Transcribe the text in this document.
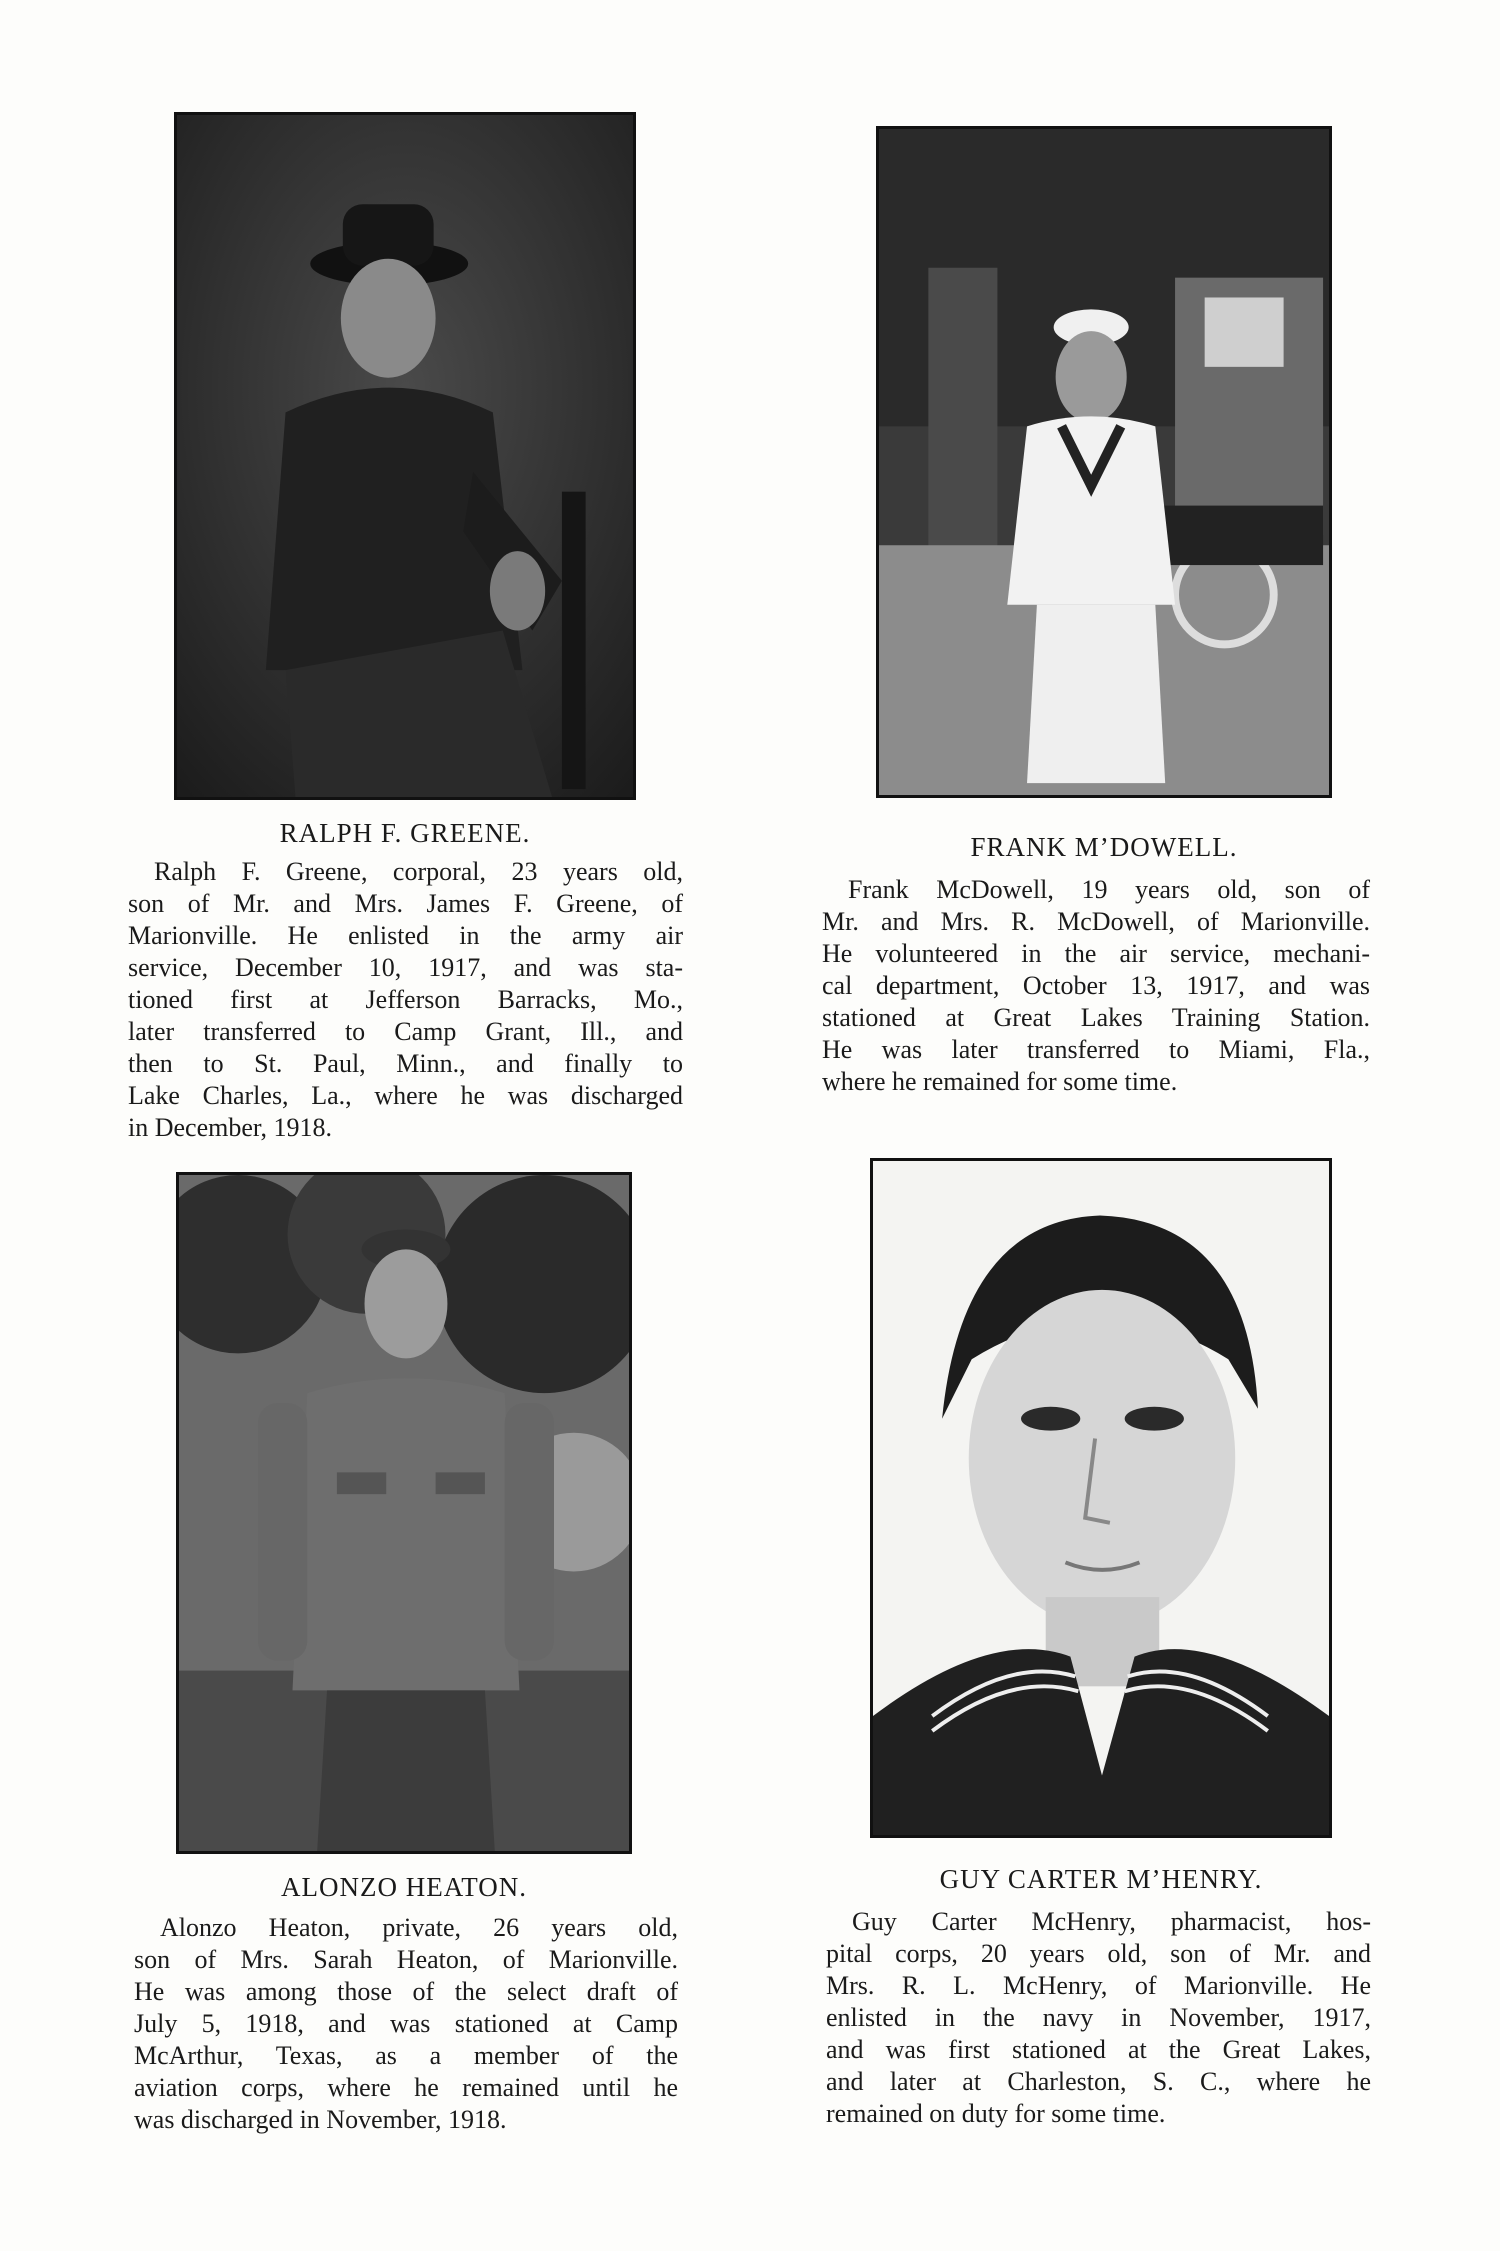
RALPH F. GREENE.
Ralph F. Greene, corporal, 23 years old,
son of Mr. and Mrs. James F. Greene, of
Marionville. He enlisted in the army air
service, December 10, 1917, and was sta-
tioned first at Jefferson Barracks, Mo.,
later transferred to Camp Grant, Ill., and
then to St. Paul, Minn., and finally to
Lake Charles, La., where he was discharged
in December, 1918.
FRANK M’DOWELL.
Frank McDowell, 19 years old, son of
Mr. and Mrs. R. McDowell, of Marionville.
He volunteered in the air service, mechani-
cal department, October 13, 1917, and was
stationed at Great Lakes Training Station.
He was later transferred to Miami, Fla.,
where he remained for some time.
ALONZO HEATON.
Alonzo Heaton, private, 26 years old,
son of Mrs. Sarah Heaton, of Marionville.
He was among those of the select draft of
July 5, 1918, and was stationed at Camp
McArthur, Texas, as a member of the
aviation corps, where he remained until he
was discharged in November, 1918.
GUY CARTER M’HENRY.
Guy Carter McHenry, pharmacist, hos-
pital corps, 20 years old, son of Mr. and
Mrs. R. L. McHenry, of Marionville. He
enlisted in the navy in November, 1917,
and was first stationed at the Great Lakes,
and later at Charleston, S. C., where he
remained on duty for some time.
